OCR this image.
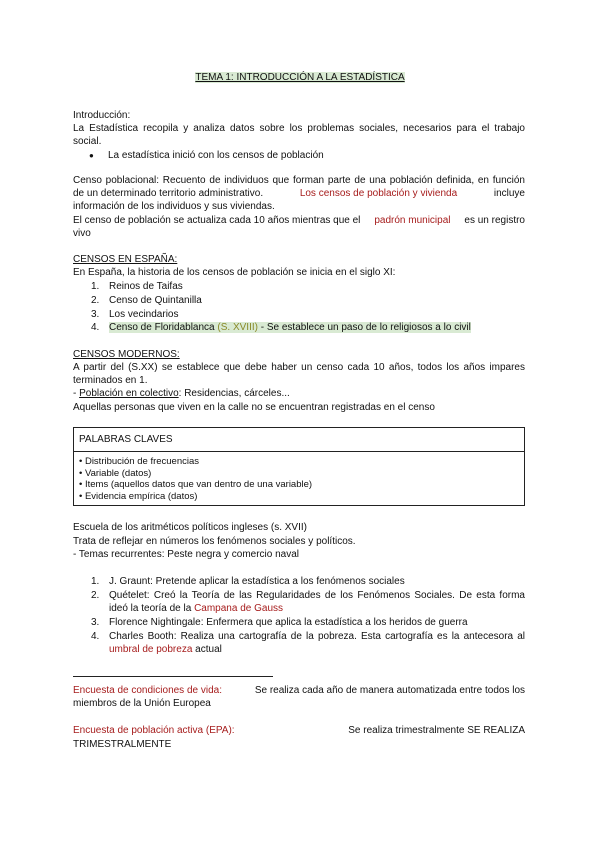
TEMA 1: INTRODUCCIÓN A LA ESTADÍSTICA
Introducción:
La Estadística recopila y analiza datos sobre los problemas sociales, necesarios para el trabajo
social.
● La estadística inició con los censos de población
Censo poblacional: Recuento de individuos que forman parte de una población definida, en función
de un determinado territorio administrativo.	Los censos de población y vivienda	incluye
información de los individuos y sus viviendas.
El censo de población se actualiza cada 10 años mientras que el padrón municipal es un registro
vivo
CENSOS EN ESPAÑA:
En España, la historia de los censos de población se inicia en el siglo XI:
1. Reinos de Taifas
2. Censo de Quintanilla
3. Los vecindarios
4. Censo de Floridablanca (S. XVIII) - Se establece un paso de lo religiosos a lo civil
CENSOS MODERNOS:
A partir del (S.XX) se establece que debe haber un censo cada 10 años, todos los años impares
terminados en 1.
- Población en colectivo: Residencias, cárceles...
Aquellas personas que viven en la calle no se encuentran registradas en el censo
PALABRAS CLAVES
• Distribución de frecuencias
• Variable (datos)
• Items (aquellos datos que van dentro de una variable)
• Evidencia empírica (datos)
Escuela de los aritméticos políticos ingleses (s. XVII)
Trata de reflejar en números los fenómenos sociales y políticos.
- Temas recurrentes: Peste negra y comercio naval
1. J. Graunt: Pretende aplicar la estadística a los fenómenos sociales
2. Quételet: Creó la Teoría de las Regularidades de los Fenómenos Sociales. De esta forma
ideó la teoría de la Campana de Gauss
3. Florence Nightingale: Enfermera que aplica la estadística a los heridos de guerra
4. Charles Booth: Realiza una cartografía de la pobreza. Esta cartografía es la antecesora al
umbral de pobreza actual
Encuesta de condiciones de vida:	Se realiza cada año de manera automatizada entre todos los
miembros de la Unión Europea
Encuesta de población activa (EPA):	Se realiza trimestralmente SE REALIZA
TRIMESTRALMENTE
